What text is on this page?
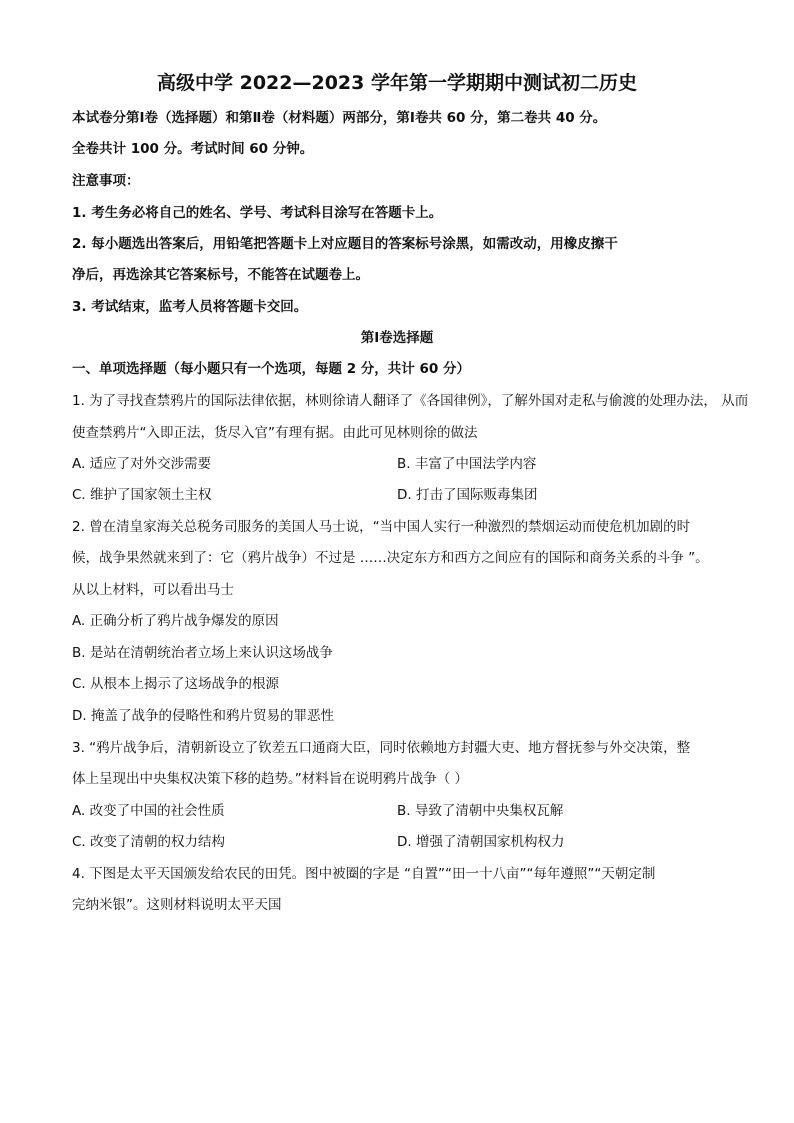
高级中学 2022—2023 学年第一学期期中测试初二历史
本试卷分第Ⅰ卷（选择题）和第Ⅱ卷（材料题）两部分，第Ⅰ卷共 60 分，第二卷共 40 分。
全卷共计 100 分。考试时间 60 分钟。
注意事项：
1. 考生务必将自己的姓名、学号、考试科目涂写在答题卡上。
2. 每小题选出答案后，用铅笔把答题卡上对应题目的答案标号涂黑，如需改动，用橡皮擦干
净后，再选涂其它答案标号，不能答在试题卷上。
3. 考试结束，监考人员将答题卡交回。
第Ⅰ卷选择题
一、单项选择题（每小题只有一个选项，每题 2 分，共计 60 分）
1. 为了寻找查禁鸦片的国际法律依据，林则徐请人翻译了《各国律例》，了解外国对走私与偷渡的处理办法， 从而
使查禁鸦片“入即正法，货尽入官”有理有据。由此可见林则徐的做法
A. 适应了对外交涉需要	B. 丰富了中国法学内容
C. 维护了国家领土主权	D. 打击了国际贩毒集团
2. 曾在清皇家海关总税务司服务的美国人马士说，“当中国人实行一种激烈的禁烟运动而使危机加剧的时
候，战争果然就来到了：它（鸦片战争）不过是 ……决定东方和西方之间应有的国际和商务关系的斗争 ”。
从以上材料，可以看出马士
A. 正确分析了鸦片战争爆发的原因
B. 是站在清朝统治者立场上来认识这场战争
C. 从根本上揭示了这场战争的根源
D. 掩盖了战争的侵略性和鸦片贸易的罪恶性
3. “鸦片战争后，清朝新设立了钦差五口通商大臣，同时依赖地方封疆大吏、地方督抚参与外交决策，整
体上呈现出中央集权决策下移的趋势。”材料旨在说明鸦片战争（ ）
A. 改变了中国的社会性质	B. 导致了清朝中央集权瓦解
C. 改变了清朝的权力结构	D. 增强了清朝国家机构权力
4. 下图是太平天国颁发给农民的田凭。图中被圈的字是 “自置”“田一十八亩”“每年遵照”“天朝定制
完纳米银”。这则材料说明太平天国
